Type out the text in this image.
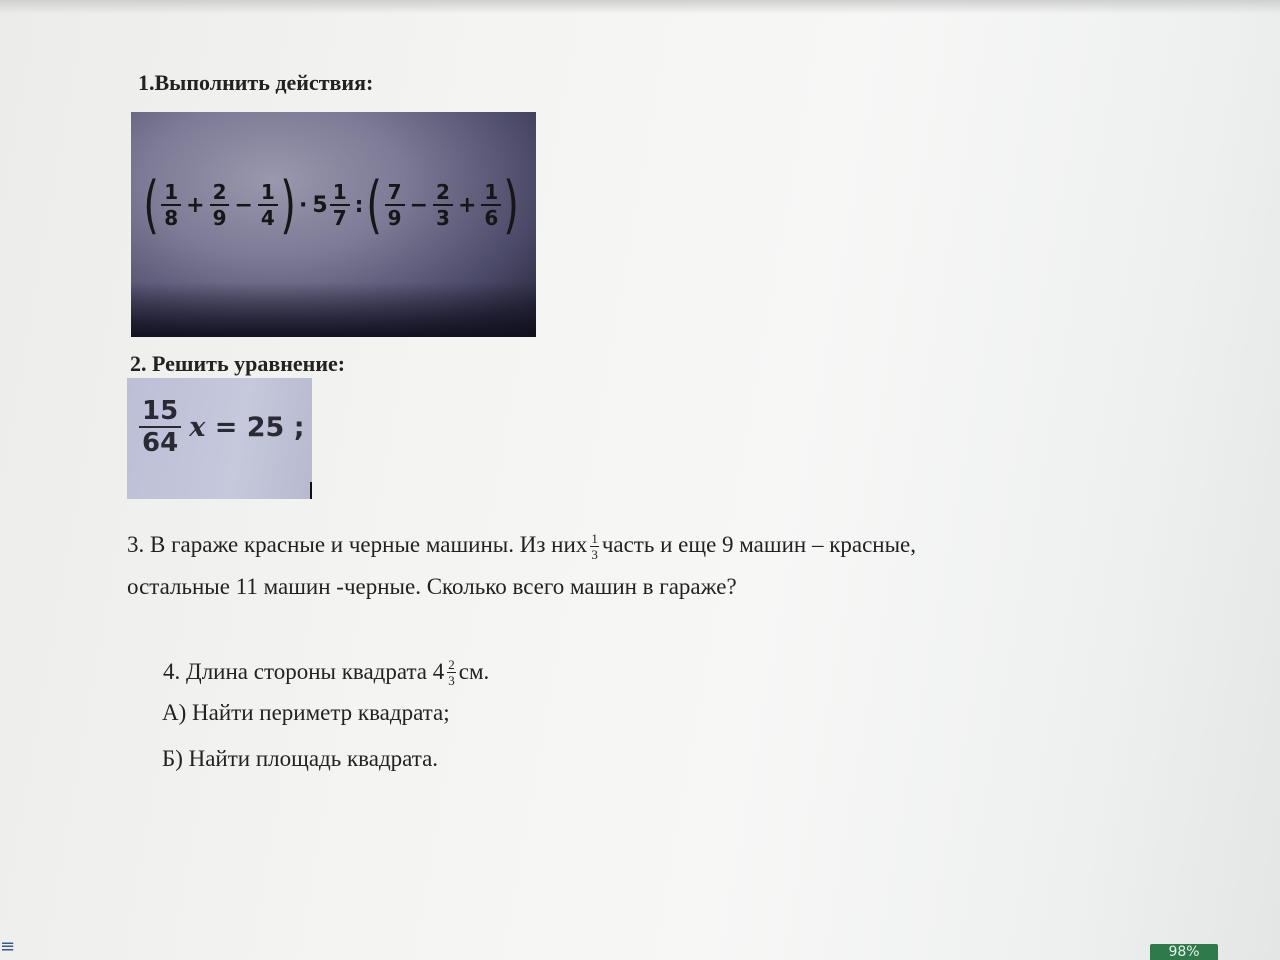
1.Выполнить действия:
( $\frac{1}{8} + \frac{2}{9} - \frac{1}{4}$ ) · $5 \frac{1}{7}$ : ( $\frac{7}{9} - \frac{2}{3} + \frac{1}{6}$ )
2. Решить уравнение:
$\frac{15}{64}$ x = 25 ;
3. В гараже красные и черные машины. Из них $\frac{1}{3}$ часть и еще 9 машин – красные,
остальные 11 машин -черные. Сколько всего машин в гараже?
4. Длина стороны квадрата $4 \frac{2}{3}$ см.
А) Найти периметр квадрата;
Б) Найти площадь квадрата.
≡	98%
